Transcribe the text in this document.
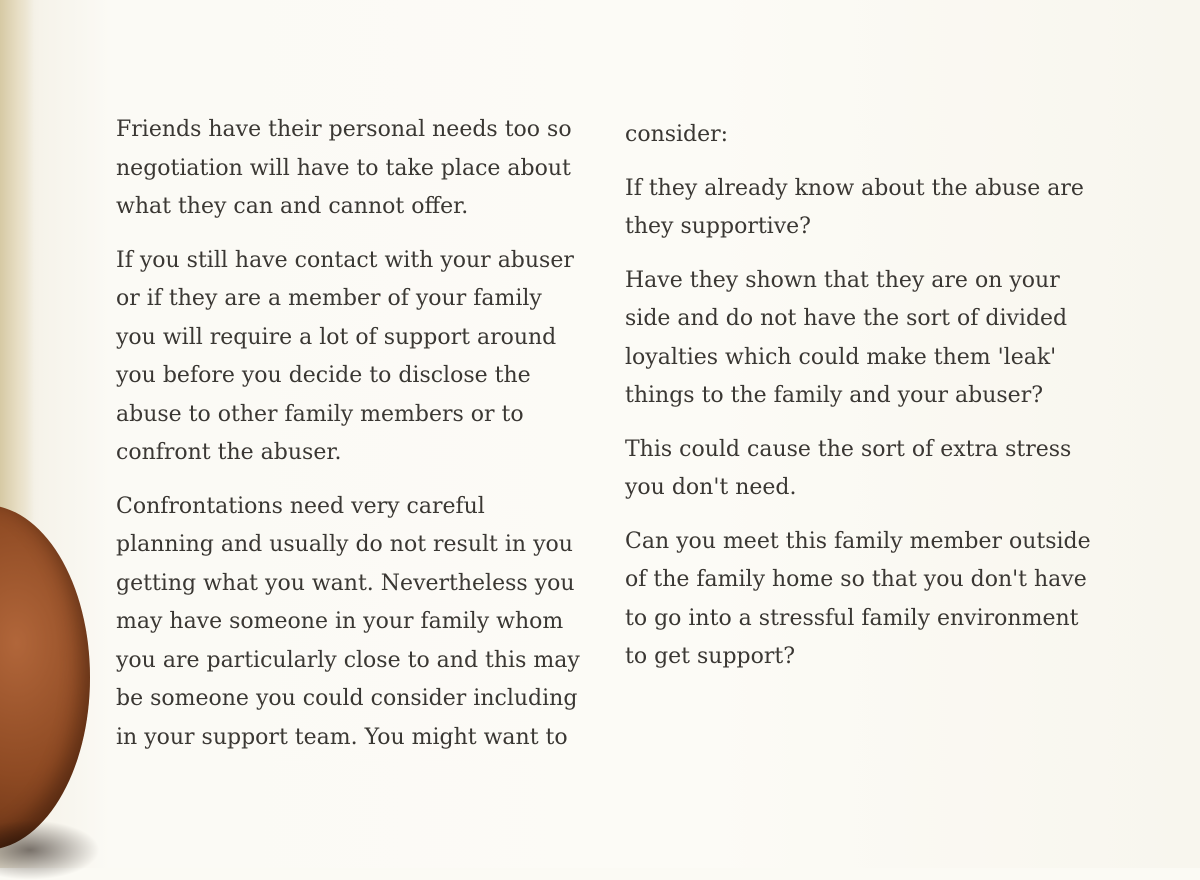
Friends have their personal needs too so
negotiation will have to take place about
what they can and cannot offer.

If you still have contact with your abuser
or if they are a member of your family
you will require a lot of support around
you before you decide to disclose the
abuse to other family members or to
confront the abuser.

Confrontations need very careful
planning and usually do not result in you
getting what you want. Nevertheless you
may have someone in your family whom
you are particularly close to and this may
be someone you could consider including
in your support team. You might want to

consider:

If they already know about the abuse are
they supportive?

Have they shown that they are on your
side and do not have the sort of divided
loyalties which could make them 'leak'
things to the family and your abuser?

This could cause the sort of extra stress
you don't need.

Can you meet this family member outside
of the family home so that you don't have
to go into a stressful family environment
to get support?
